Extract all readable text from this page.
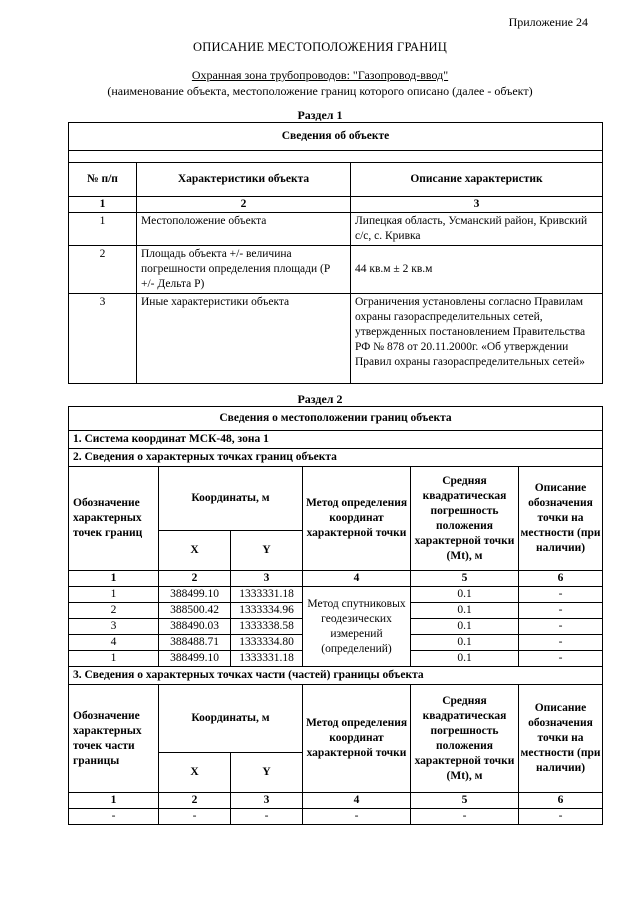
Приложение 24
ОПИСАНИЕ МЕСТОПОЛОЖЕНИЯ ГРАНИЦ
Охранная зона трубопроводов: "Газопровод-ввод"
(наименование объекта, местоположение границ которого описано (далее - объект)
Раздел 1
Сведения об объекте		

№ п/п	Характеристики объекта	Описание характеристик
1	2	3
1	Местоположение объекта	Липецкая область, Усманский район, Кривский с/с, с. Кривка
2	Площадь объекта +/- величина погрешности определения площади (Р +/- Дельта Р)	44 кв.м ± 2 кв.м
3	Иные характеристики объекта	Ограничения установлены согласно Правилам охраны газораспределительных сетей, утвержденных постановлением Правительства РФ № 878 от 20.11.2000г. «Об утверждении Правил охраны газораспределительных сетей»
Раздел 2
Сведения о местоположении границ объекта					
1. Система координат МСК-48, зона 1					
2. Сведения о характерных точках границ объекта					
Обозначение характерных точек границ	Координаты, м		Метод определения координат характерной точки	Средняя квадратическая погрешность положения характерной точки (Mt), м	Описание обозначения точки на местности (при наличии)
	X	Y			
1	2	3	4	5	6
1	388499.10	1333331.18	Метод спутниковых геодезических измерений (определений)	0.1	-
2	388500.42	1333334.96		0.1	-
3	388490.03	1333338.58		0.1	-
4	388488.71	1333334.80		0.1	-
1	388499.10	1333331.18		0.1	-
3. Сведения о характерных точках части (частей) границы объекта					
Обозначение характерных точек части границы	Координаты, м		Метод определения координат характерной точки	Средняя квадратическая погрешность положения характерной точки (Mt), м	Описание обозначения точки на местности (при наличии)
	X	Y			
1	2	3	4	5	6
-	-	-	-	-	-
